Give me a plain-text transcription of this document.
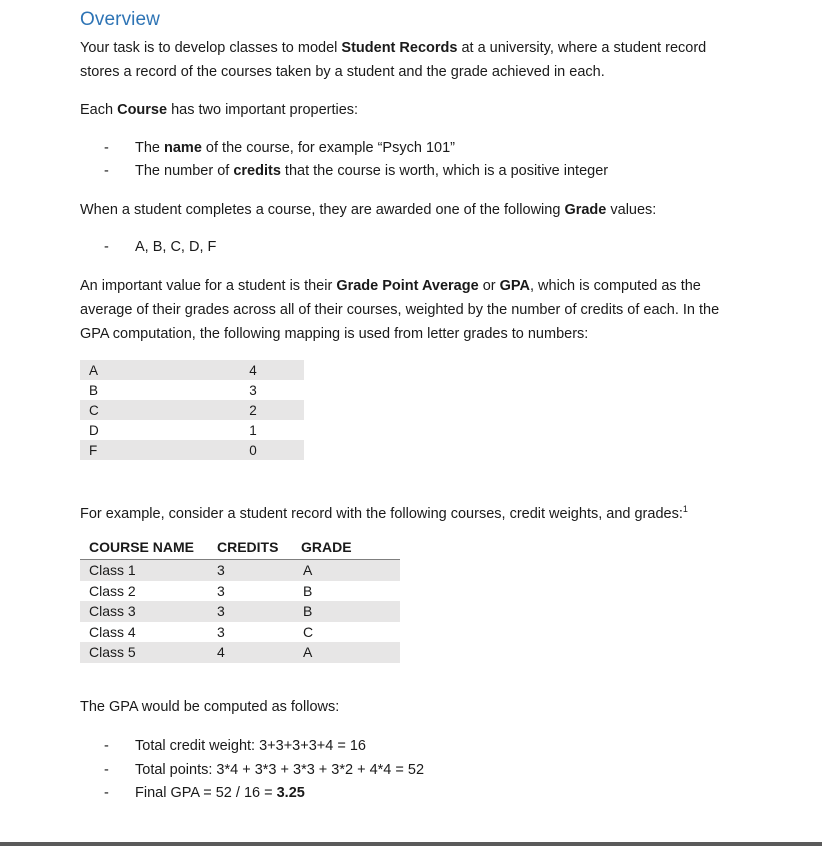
Overview
Your task is to develop classes to model Student Records at a university, where a student record
stores a record of the courses taken by a student and the grade achieved in each.
Each Course has two important properties:
- The name of the course, for example “Psych 101”
- The number of credits that the course is worth, which is a positive integer
When a student completes a course, they are awarded one of the following Grade values:
- A, B, C, D, F
An important value for a student is their Grade Point Average or GPA, which is computed as the
average of their grades across all of their courses, weighted by the number of credits of each. In the
GPA computation, the following mapping is used from letter grades to numbers:
A	4
B	3
C	2
D	1
F	0
For example, consider a student record with the following courses, credit weights, and grades:$^1$
COURSE NAME	CREDITS	GRADE
Class 1	3	A
Class 2	3	B
Class 3	3	B
Class 4	3	C
Class 5	4	A
The GPA would be computed as follows:
- Total credit weight: 3+3+3+3+4 = 16
- Total points: 3*4 + 3*3 + 3*3 + 3*2 + 4*4 = 52
- Final GPA = 52 / 16 = 3.25
